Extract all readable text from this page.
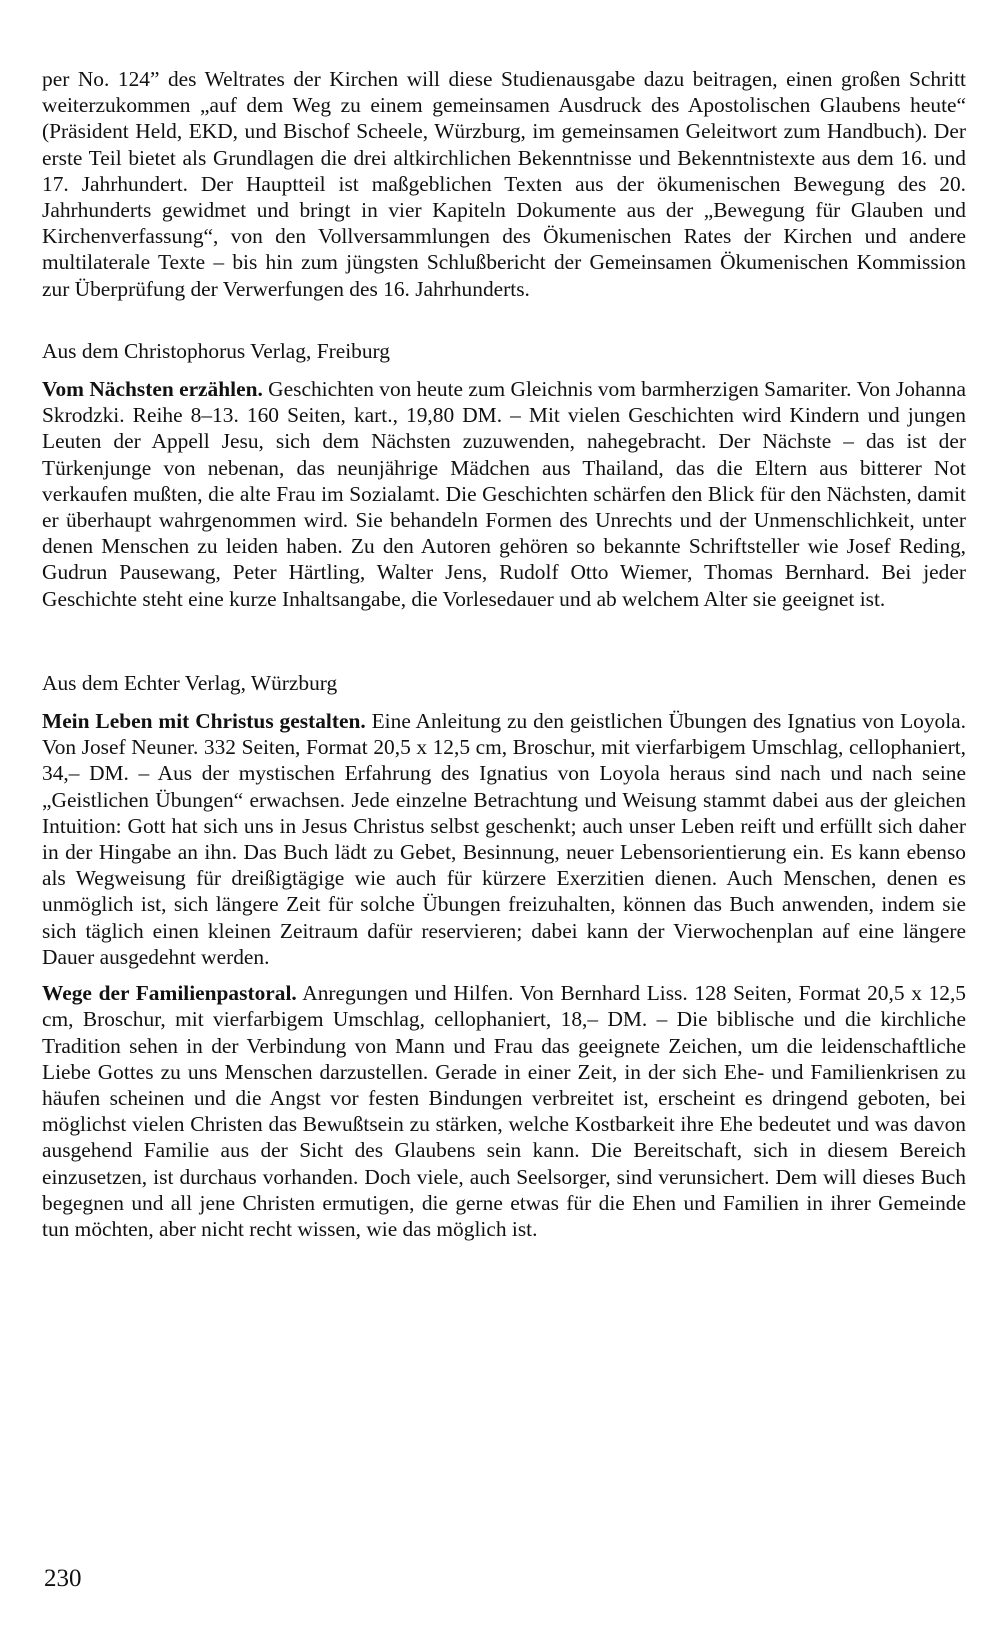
per No. 124” des Weltrates der Kirchen will diese Studienausgabe dazu beitragen, einen großen Schritt weiterzukommen „auf dem Weg zu einem gemeinsamen Ausdruck des Apostolischen Glaubens heute“ (Präsident Held, EKD, und Bischof Scheele, Würzburg, im gemeinsamen Geleitwort zum Handbuch). Der erste Teil bietet als Grundlagen die drei altkirchlichen Bekenntnisse und Bekenntnistexte aus dem 16. und 17. Jahrhundert. Der Hauptteil ist maßgeblichen Texten aus der ökumenischen Bewegung des 20. Jahrhunderts gewidmet und bringt in vier Kapiteln Dokumente aus der „Bewegung für Glauben und Kirchenverfassung“, von den Vollversammlungen des Ökumenischen Rates der Kirchen und andere multilaterale Texte – bis hin zum jüngsten Schlußbericht der Gemeinsamen Ökumenischen Kommission zur Überprüfung der Verwerfungen des 16. Jahrhunderts.

Aus dem Christophorus Verlag, Freiburg

Vom Nächsten erzählen. Geschichten von heute zum Gleichnis vom barmherzigen Samariter. Von Johanna Skrodzki. Reihe 8–13. 160 Seiten, kart., 19,80 DM. – Mit vielen Geschichten wird Kindern und jungen Leuten der Appell Jesu, sich dem Nächsten zuzuwenden, nahegebracht. Der Nächste – das ist der Türkenjunge von nebenan, das neunjährige Mädchen aus Thailand, das die Eltern aus bitterer Not verkaufen mußten, die alte Frau im Sozialamt. Die Geschichten schärfen den Blick für den Nächsten, damit er überhaupt wahrgenommen wird. Sie behandeln Formen des Unrechts und der Unmenschlichkeit, unter denen Menschen zu leiden haben. Zu den Autoren gehören so bekannte Schriftsteller wie Josef Reding, Gudrun Pausewang, Peter Härtling, Walter Jens, Rudolf Otto Wiemer, Thomas Bernhard. Bei jeder Geschichte steht eine kurze Inhaltsangabe, die Vorlesedauer und ab welchem Alter sie geeignet ist.

Aus dem Echter Verlag, Würzburg

Mein Leben mit Christus gestalten. Eine Anleitung zu den geistlichen Übungen des Ignatius von Loyola. Von Josef Neuner. 332 Seiten, Format 20,5 x 12,5 cm, Broschur, mit vierfarbigem Umschlag, cellophaniert, 34,– DM. – Aus der mystischen Erfahrung des Ignatius von Loyola heraus sind nach und nach seine „Geistlichen Übungen“ erwachsen. Jede einzelne Betrachtung und Weisung stammt dabei aus der gleichen Intuition: Gott hat sich uns in Jesus Christus selbst geschenkt; auch unser Leben reift und erfüllt sich daher in der Hingabe an ihn. Das Buch lädt zu Gebet, Besinnung, neuer Lebensorientierung ein. Es kann ebenso als Wegweisung für dreißigtägige wie auch für kürzere Exerzitien dienen. Auch Menschen, denen es unmöglich ist, sich längere Zeit für solche Übungen freizuhalten, können das Buch anwenden, indem sie sich täglich einen kleinen Zeitraum dafür reservieren; dabei kann der Vierwochenplan auf eine längere Dauer ausgedehnt werden.

Wege der Familienpastoral. Anregungen und Hilfen. Von Bernhard Liss. 128 Seiten, Format 20,5 x 12,5 cm, Broschur, mit vierfarbigem Umschlag, cellophaniert, 18,– DM. – Die biblische und die kirchliche Tradition sehen in der Verbindung von Mann und Frau das geeignete Zeichen, um die leidenschaftliche Liebe Gottes zu uns Menschen darzustellen. Gerade in einer Zeit, in der sich Ehe- und Familienkrisen zu häufen scheinen und die Angst vor festen Bindungen verbreitet ist, erscheint es dringend geboten, bei möglichst vielen Christen das Bewußtsein zu stärken, welche Kostbarkeit ihre Ehe bedeutet und was davon ausgehend Familie aus der Sicht des Glaubens sein kann. Die Bereitschaft, sich in diesem Bereich einzusetzen, ist durchaus vorhanden. Doch viele, auch Seelsorger, sind verunsichert. Dem will dieses Buch begegnen und all jene Christen ermutigen, die gerne etwas für die Ehen und Familien in ihrer Gemeinde tun möchten, aber nicht recht wissen, wie das möglich ist.

230
